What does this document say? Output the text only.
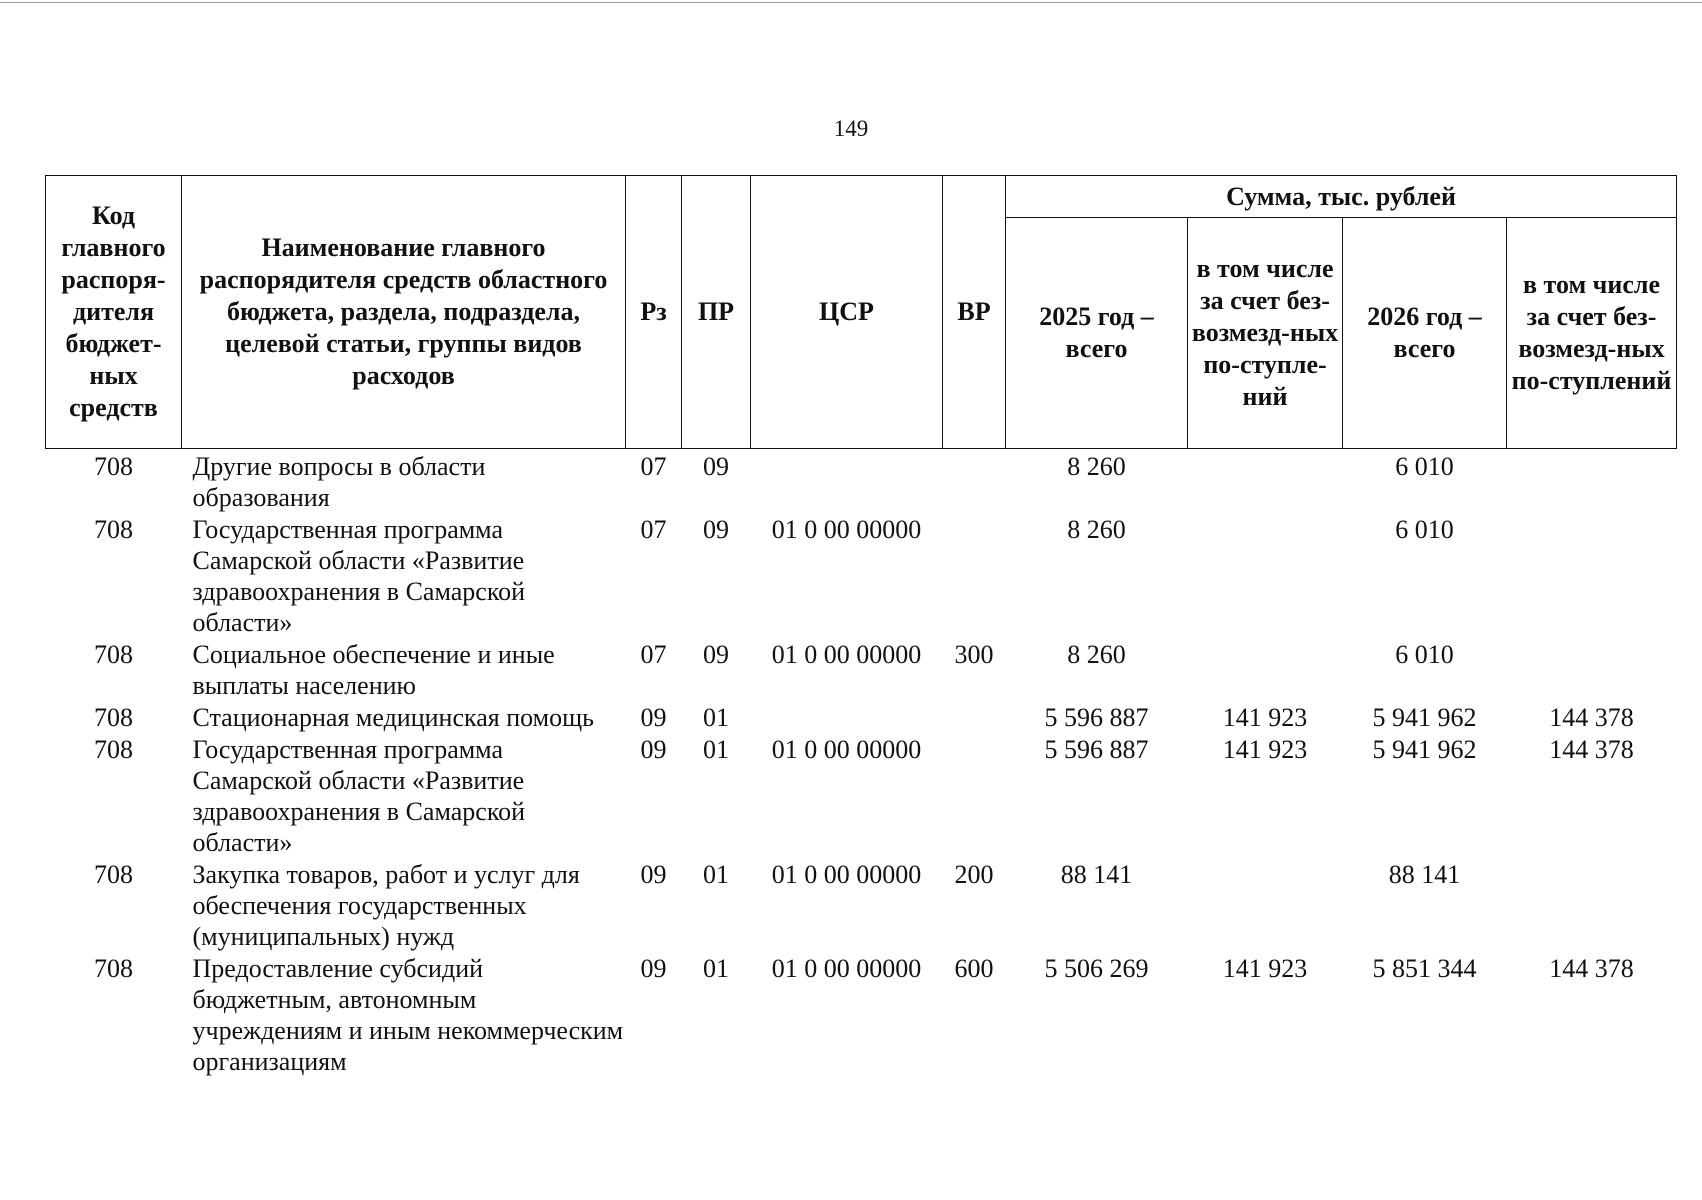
149
Код главного распоря-дителя бюджет-ных средств	Наименование главного распорядителя средств областного бюджета, раздела, подраздела, целевой статьи, группы видов расходов	Рз	ПР	ЦСР	ВР	Сумма, тыс. рублей			
						2025 год – всего	в том числе за счет без-возмезд-ных по-ступле-ний	2026 год – всего	в том числе за счет без-возмезд-ных по-ступлений
708	Другие вопросы в области образования	07	09			8 260		6 010	
708	Государственная программа Самарской области «Развитие здравоохранения в Самарской области»	07	09	01 0 00 00000		8 260		6 010	
708	Социальное обеспечение и иные выплаты населению	07	09	01 0 00 00000	300	8 260		6 010	
708	Стационарная медицинская помощь	09	01			5 596 887	141 923	5 941 962	144 378
708	Государственная программа Самарской области «Развитие здравоохранения в Самарской области»	09	01	01 0 00 00000		5 596 887	141 923	5 941 962	144 378
708	Закупка товаров, работ и услуг для обеспечения государственных (муниципальных) нужд	09	01	01 0 00 00000	200	88 141		88 141	
708	Предоставление субсидий бюджетным, автономным учреждениям и иным некоммерческим организациям	09	01	01 0 00 00000	600	5 506 269	141 923	5 851 344	144 378
